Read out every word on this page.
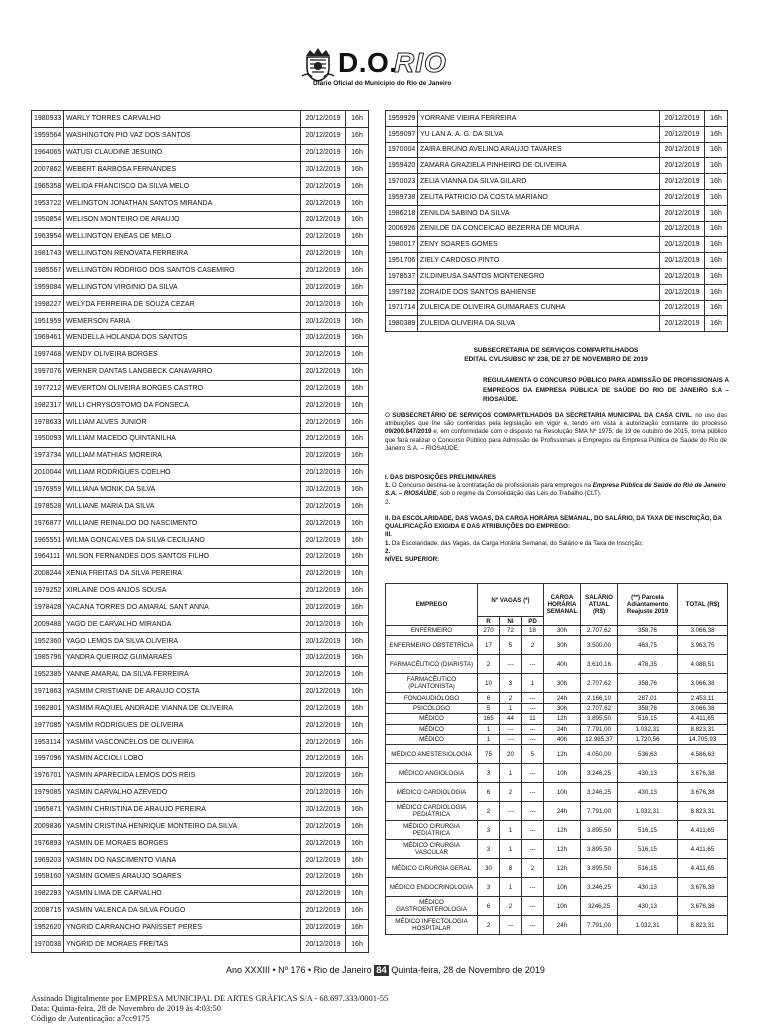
D.O.
RIO
Diário Oficial do Município do Rio de Janeiro
1980933	WARLY TORRES CARVALHO	20/12/2019	16h
1959564	WASHINGTON PIO VAZ DOS SANTOS	20/12/2019	16h
1964065	WATUSI CLAUDINE JESUINO	20/12/2019	16h
2007862	WEBERT BARBOSA FERNANDES	20/12/2019	16h
1965358	WELIDA FRANCISCO DA SILVA MELO	20/12/2019	16h
1953722	WELINGTON JONATHAN SANTOS MIRANDA	20/12/2019	16h
1950854	WELISON MONTEIRO DE ARAUJO	20/12/2019	16h
1963954	WELLINGTON ENÉAS DE MELO	20/12/2019	16h
1981743	WELLINGTON RENOVATA FERREIRA	20/12/2019	16h
1985567	WELLINGTON RODRIGO DOS SANTOS CASEMIRO	20/12/2019	16h
1959084	WELLINGTON VIRGINIO DA SILVA	20/12/2019	16h
1998227	WELYDA FERREIRA DE SOUZA CEZAR	20/12/2019	16h
1951959	WEMERSON FARIA	20/12/2019	16h
1969461	WENDELLA HOLANDA DOS SANTOS	20/12/2019	16h
1997468	WENDY OLIVEIRA BORGES	20/12/2019	16h
1997076	WERNER DANTAS LANGBECK CANAVARRO	20/12/2019	16h
1977212	WEVERTON OLIVEIRA BORGES CASTRO	20/12/2019	16h
1982317	WILLI CHRYSOSTOMO DA FONSECA	20/12/2019	16h
1978633	WILLIAM ALVES JUNIOR	20/12/2019	16h
1950093	WILLIAM MACEDO QUINTANILHA	20/12/2019	16h
1973734	WILLIAM MATHIAS MOREIRA	20/12/2019	16h
2010044	WILLIAM RODRIGUES COELHO	20/12/2019	16h
1976959	WILLIANA MONIK DA SILVA	20/12/2019	16h
1978528	WILLIANE MARIA DA SILVA	20/12/2019	16h
1976877	WILLIANE REINALDO DO NASCIMENTO	20/12/2019	16h
1965551	WILMA GONCALVES DA SILVA CECILIANO	20/12/2019	16h
1964111	WILSON FERNANDES DOS SANTOS FILHO	20/12/2019	16h
2008244	XENIA FREITAS DA SILVA PEREIRA	20/12/2019	16h
1979252	XIRLAINE DOS ANJOS SOUSA	20/12/2019	16h
1978428	YACANA TORRES DO AMARAL SANT ANNA	20/12/2019	16h
2009488	YAGO DE CARVALHO MIRANDA	20/12/2019	16h
1952360	YAGO LEMOS DA SILVA OLIVEIRA	20/12/2019	16h
1985796	YANDRA QUEIROZ GUIMARAES	20/12/2019	16h
1952385	YANNE AMARAL DA SILVA FERREIRA	20/12/2019	16h
1971863	YASMIM CRISTIANE DE ARAUJO COSTA	20/12/2019	16h
1982801	YASMIM RAQUEL ANDRADE VIANNA DE OLIVEIRA	20/12/2019	16h
1977085	YASMIM RODRIGUES DE OLIVEIRA	20/12/2019	16h
1953114	YASMIM VASCONCELOS DE OLIVEIRA	20/12/2019	16h
1997096	YASMIN ACCIOLI LOBO	20/12/2019	16h
1976701	YASMIN APARECIDA LEMOS DOS REIS	20/12/2019	16h
1979085	YASMIN CARVALHO AZEVEDO	20/12/2019	16h
1965871	YASMIN CHRISTINA DE ARAUJO PEREIRA	20/12/2019	16h
2009836	YASMIN CRISTINA HENRIQUE MONTEIRO DA SILVA	20/12/2019	16h
1976893	YASMIN DE MORAES BORGES	20/12/2019	16h
1969203	YASMIN DO NASCIMENTO VIANA	20/12/2019	16h
1958160	YASMIN GOMES ARAUJO SOARES	20/12/2019	16h
1982293	YASMIN LIMA DE CARVALHO	20/12/2019	16h
2008715	YASMIN VALENCA DA SILVA FOUGO	20/12/2019	16h
1952620	YNGRID CARRANCHO PANISSET PERES	20/12/2019	16h
1970038	YNGRID DE MORAES FREITAS	20/12/2019	16h
1959929	YORRANE VIEIRA FERREIRA	20/12/2019	16h
1959097	YU LAN A. A. G. DA SILVA	20/12/2019	16h
1970004	ZAIRA BRUNO AVELINO ARAUJO TAVARES	20/12/2019	16h
1959420	ZAMARA GRAZIELA PINHEIRO DE OLIVEIRA	20/12/2019	16h
1970023	ZELIA VIANNA DA SILVA GILARD	20/12/2019	16h
1959738	ZELITA PATRICIO DA COSTA MARIANO	20/12/2019	16h
1986218	ZENILDA SABINO DA SILVA	20/12/2019	16h
2006926	ZENILDE DA CONCEICAO BEZERRA DE MOURA	20/12/2019	16h
1980017	ZENY SOARES GOMES	20/12/2019	16h
1951706	ZIELY CARDOSO PINTO	20/12/2019	16h
1978537	ZILDINEUSA SANTOS MONTENEGRO	20/12/2019	16h
1997182	ZORAIDE DOS SANTOS BAHIENSE	20/12/2019	16h
1971714	ZULEICA DE OLIVEIRA GUIMARAES CUNHA	20/12/2019	16h
1980389	ZULEIDA OLIVEIRA DA SILVA	20/12/2019	16h
SUBSECRETARIA DE SERVIÇOS COMPARTILHADOS
EDITAL CVL/SUBSC Nº 238, DE 27 DE NOVEMBRO DE 2019
REGULAMENTA O CONCURSO PÚBLICO PARA ADMISSÃO DE PROFISSIONAIS A EMPREGOS DA EMPRESA PÚBLICA DE SAÚDE DO RIO DE JANEIRO S.A – RIOSAÚDE.
O SUBSECRETÁRIO DE SERVIÇOS COMPARTILHADOS DA SECRETARIA MUNICIPAL DA CASA CIVIL, no uso das atribuições que lhe são conferidas pela legislação em vigor e, tendo em vista a autorização constante do processo 09/200.847/2019 e, em conformidade com o disposto na Resolução SMA Nº 1975, de 19 de outubro de 2015, torna público que fará realizar o Concurso Público para Admissão de Profissionais a Empregos da Empresa Pública de Saúde do Rio de Janeiro S.A. – RIOSAÚDE.
I. DAS DISPOSIÇÕES PRELIMINARES
1. O Concurso destina-se à contratação de profissionais para empregos na Empresa Pública de Saúde do Rio de Janeiro S.A. – RIOSAÚDE, sob o regime da Consolidação das Leis do Trabalho (CLT).
2.
II. DA ESCOLARIDADE, DAS VAGAS, DA CARGA HORÁRIA SEMANAL, DO SALÁRIO, DA TAXA DE INSCRIÇÃO, DA QUALIFICAÇÃO EXIGIDA E DAS ATRIBUIÇÕES DO EMPREGO:
III.
1. Da Escolaridade, das Vagas, da Carga Horária Semanal, do Salário e da Taxa de Inscrição:
2.
NÍVEL SUPERIOR:
EMPREGO	Nº VAGAS (*)			CARGA HORÁRIA SEMANAL	SALÁRIO ATUAL (R$)	(**) Parcela Adiantamento Reajuste 2019	TOTAL (R$)
	R	NI	PD				
ENFERMEIRO	270	72	18	30h	2.707,62	358,76	3.066,38
ENFERMEIRO OBSTETRÍCIA	17	5	2	30h	3.500,00	463,75	3.963,75
FARMACÊUTICO (DIARISTA)	2	---	---	40h	3.610,16	478,35	4.088,51
FARMACÊUTICO (PLANTONISTA)	10	3	1	30h	2.707,62	358,76	3.066,38
FONOAUDIÓLOGO	6	2	---	24h	2.166,10	287,01	2.453,11
PSICÓLOGO	5	1	---	30h	2.707,62	358,76	3.066,38
MÉDICO	165	44	11	12h	3.895,50	516,15	4.411,65
MÉDICO	1	---	---	24h	7.791,00	1.032,31	8.823,31
MÉDICO	1	---	---	40h	12.985,37	1.720,56	14.705,93
MÉDICO ANESTESIOLOGIA	75	20	5	12h	4.050,00	536,63	4.586,63
MÉDICO ANGIOLOGIA	3	1	---	10h	3.246,25	430,13	3.676,38
MÉDICO CARDIOLOGIA	6	2	---	10h	3.246,25	430,13	3.676,38
MÉDICO CARDIOLOGIA PEDIÁTRICA	2	---	---	24h	7.791,00	1.032,31	8.823,31
MÉDICO CIRURGIA PEDIÁTRICA	3	1	---	12h	3.895,50	516,15	4.411,65
MÉDICO CIRURGIA VASCULAR	3	1	---	12h	3.895,50	516,15	4.411,65
MÉDICO CIRURGIA GERAL	30	8	2	12h	3.895,50	516,15	4.411,65
MÉDICO ENDOCRINOLOGIA	3	1	---	10h	3.246,25	430,13	3.676,38
MÉDICO GASTROENTEROLOGIA	6	2	---	10h	3246,25	430,13	3.676,38
MÉDICO INFECTOLOGIA HOSPITALAR	2	---	---	24h	7.791,00	1.032,31	8.823,31
Ano XXXIII • Nº 176 • Rio de Janeiro 84 Quinta-feira, 28 de Novembro de 2019
Assinado Digitalmente por EMPRESA MUNICIPAL DE ARTES GRÁFICAS S/A - 68.697.333/0001-55
Data: Quinta-feira, 28 de Novembro de 2019 às 4:03:50
Código de Autenticação: a7cc9175
